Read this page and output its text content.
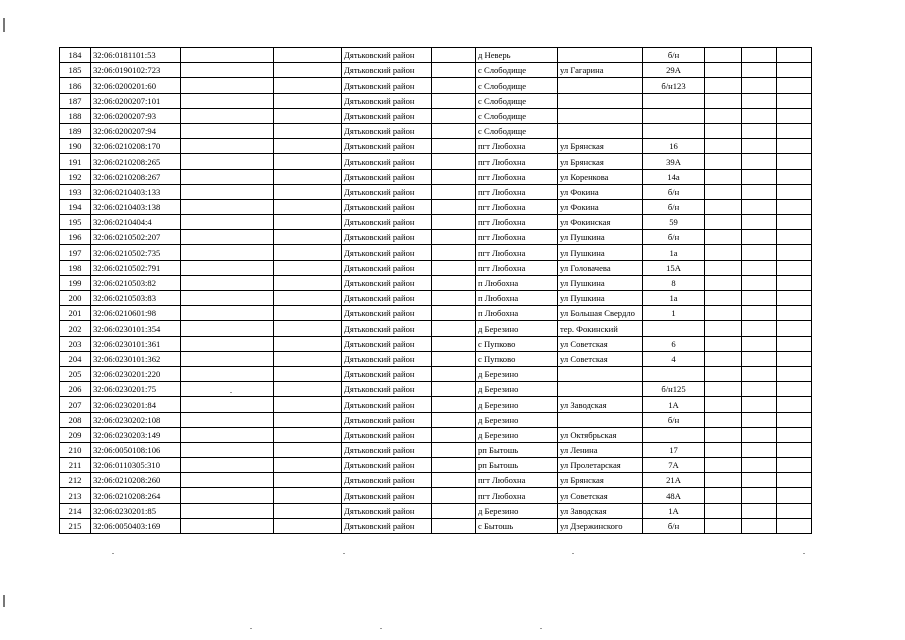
184	32:06:0181101:53			Дятьковский район		д Неверь		б/н			
185	32:06:0190102:723			Дятьковский район		с Слободище	ул Гагарина	29А			
186	32:06:0200201:60			Дятьковский район		с Слободище		б/н123			
187	32:06:0200207:101			Дятьковский район		с Слободище					
188	32:06:0200207:93			Дятьковский район		с Слободище					
189	32:06:0200207:94			Дятьковский район		с Слободище					
190	32:06:0210208:170			Дятьковский район		пгт Любохна	ул Брянская	16			
191	32:06:0210208:265			Дятьковский район		пгт Любохна	ул Брянская	39А			
192	32:06:0210208:267			Дятьковский район		пгт Любохна	ул Коренкова	14а			
193	32:06:0210403:133			Дятьковский район		пгт Любохна	ул Фокина	б/н			
194	32:06:0210403:138			Дятьковский район		пгт Любохна	ул Фокина	б/н			
195	32:06:0210404:4			Дятьковский район		пгт Любохна	ул Фокинская	59			
196	32:06:0210502:207			Дятьковский район		пгт Любохна	ул Пушкина	б/н			
197	32:06:0210502:735			Дятьковский район		пгт Любохна	ул Пушкина	1а			
198	32:06:0210502:791			Дятьковский район		пгт Любохна	ул Головачева	15А			
199	32:06:0210503:82			Дятьковский район		п Любохна	ул Пушкина	8			
200	32:06:0210503:83			Дятьковский район		п Любохна	ул Пушкина	1а			
201	32:06:0210601:98			Дятьковский район		п Любохна	ул Большая Свердло	1			
202	32:06:0230101:354			Дятьковский район		д Березино	тер. Фокинский				
203	32:06:0230101:361			Дятьковский район		с Пупково	ул Советская	6			
204	32:06:0230101:362			Дятьковский район		с Пупково	ул Советская	4			
205	32:06:0230201:220			Дятьковский район		д Березино					
206	32:06:0230201:75			Дятьковский район		д Березино		б/н125			
207	32:06:0230201:84			Дятьковский район		д Березино	ул Заводская	1А			
208	32:06:0230202:108			Дятьковский район		д Березино		б/н			
209	32:06:0230203:149			Дятьковский район		д Березино	ул Октябрьская				
210	32:06:0050108:106			Дятьковский район		рп Бытошь	ул Ленина	17			
211	32:06:0110305:310			Дятьковский район		рп Бытошь	ул Пролетарская	7А			
212	32:06:0210208:260			Дятьковский район		пгт Любохна	ул Брянская	21А			
213	32:06:0210208:264			Дятьковский район		пгт Любохна	ул Советская	48А			
214	32:06:0230201:85			Дятьковский район		д Березино	ул Заводская	1А			
215	32:06:0050403:169			Дятьковский район		с Бытошь	ул Дзержинского	б/н			
